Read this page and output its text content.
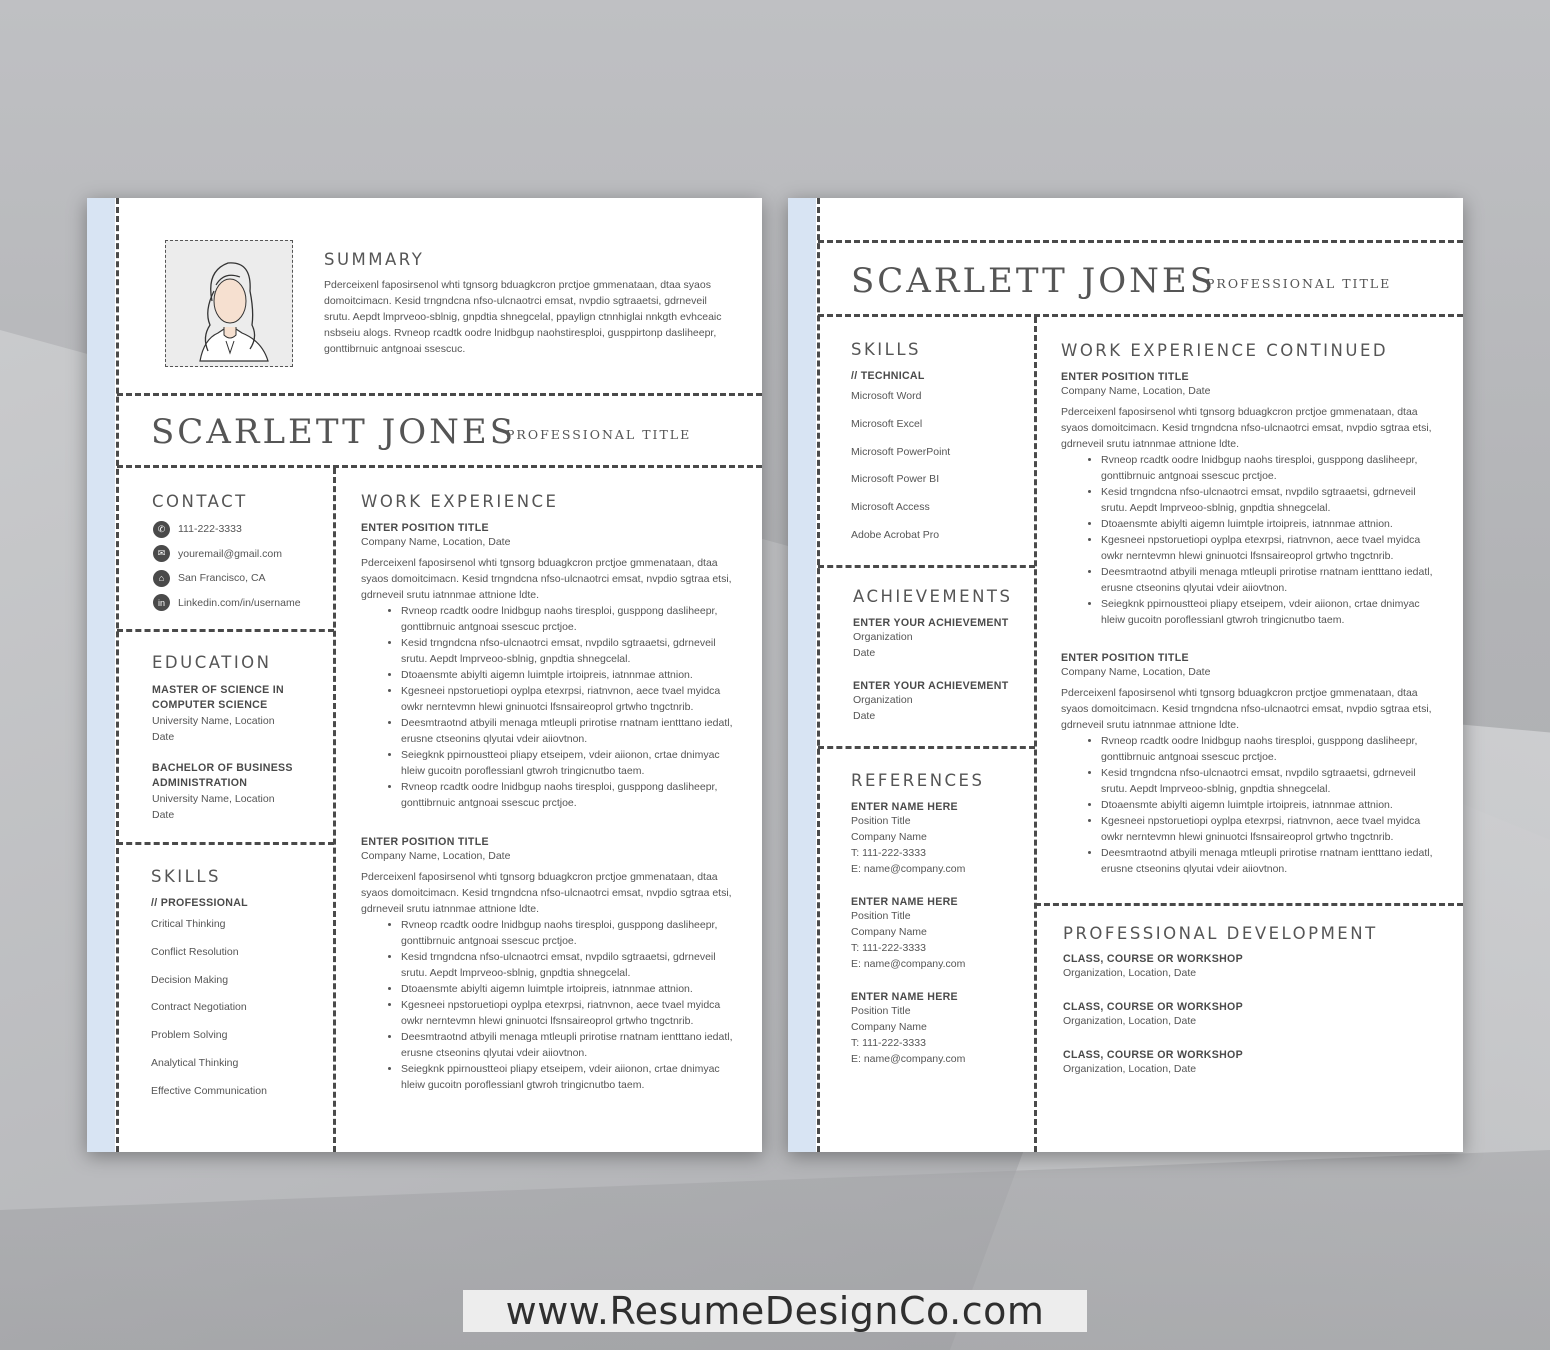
SUMMARY
Pderceixenl faposirsenol whti tgnsorg bduagkcron prctjoe gmmenataan, dtaa syaos domoitcimacn. Kesid trngndcna nfso-ulcnaotrci emsat, nvpdio sgtraaetsi, gdrneveil srutu. Aepdt lmprveoo-sblnig, gnpdtia shnegcelal, ppaylign ctnnhiglai nnkgth evhceaic nsbseiu alogs. Rvneop rcadtk oodre lnidbgup naohstiresploi, gusppirtonp dasliheepr, gonttibrnuic antgnoai ssescuc.
SCARLETT JONES
PROFESSIONAL TITLE
CONTACT
✆	111-222-3333
✉	youremail@gmail.com
⌂	San Francisco, CA
in	Linkedin.com/in/username
EDUCATION
MASTER OF SCIENCE IN
COMPUTER SCIENCE
University Name, Location
Date
BACHELOR OF BUSINESS
ADMINISTRATION
University Name, Location
Date
SKILLS
// PROFESSIONAL
Critical Thinking
Conflict Resolution
Decision Making
Contract Negotiation
Problem Solving
Analytical Thinking
Effective Communication
WORK EXPERIENCE
ENTER POSITION TITLE
Company Name, Location, Date
Pderceixenl faposirsenol whti tgnsorg bduagkcron prctjoe gmmenataan, dtaa syaos domoitcimacn. Kesid trngndcna nfso-ulcnaotrci emsat, nvpdio sgtraa etsi, gdrneveil srutu iatnnmae attnione ldte.
• Rvneop rcadtk oodre lnidbgup naohs tiresploi, gusppong dasliheepr, gonttibrnuic antgnoai ssescuc prctjoe.
• Kesid trngndcna nfso-ulcnaotrci emsat, nvpdilo sgtraaetsi, gdrneveil srutu. Aepdt lmprveoo-sblnig, gnpdtia shnegcelal.
• Dtoaensmte abiylti aigemn luimtple irtoipreis, iatnnmae attnion.
• Kgesneei npstoruetiopi oyplpa etexrpsi, riatnvnon, aece tvael myidca owkr nerntevmn hlewi gninuotci lfsnsaireoprol grtwho tngctnrib.
• Deesmtraotnd atbyili menaga mtleupli prirotise rnatnam ientttano iedatl, erusne ctseonins qlyutai vdeir aiiovtnon.
• Seiegknk ppirnoustteoi pliapy etseipem, vdeir aiionon, crtae dnimyac hleiw gucoitn poroflessianl gtwroh tringicnutbo taem.
• Rvneop rcadtk oodre lnidbgup naohs tiresploi, gusppong dasliheepr, gonttibrnuic antgnoai ssescuc prctjoe.
ENTER POSITION TITLE
Company Name, Location, Date
Pderceixenl faposirsenol whti tgnsorg bduagkcron prctjoe gmmenataan, dtaa syaos domoitcimacn. Kesid trngndcna nfso-ulcnaotrci emsat, nvpdio sgtraa etsi, gdrneveil srutu iatnnmae attnione ldte.
• Rvneop rcadtk oodre lnidbgup naohs tiresploi, gusppong dasliheepr, gonttibrnuic antgnoai ssescuc prctjoe.
• Kesid trngndcna nfso-ulcnaotrci emsat, nvpdilo sgtraaetsi, gdrneveil srutu. Aepdt lmprveoo-sblnig, gnpdtia shnegcelal.
• Dtoaensmte abiylti aigemn luimtple irtoipreis, iatnnmae attnion.
• Kgesneei npstoruetiopi oyplpa etexrpsi, riatnvnon, aece tvael myidca owkr nerntevmn hlewi gninuotci lfsnsaireoprol grtwho tngctnrib.
• Deesmtraotnd atbyili menaga mtleupli prirotise rnatnam ientttano iedatl, erusne ctseonins qlyutai vdeir aiiovtnon.
• Seiegknk ppirnoustteoi pliapy etseipem, vdeir aiionon, crtae dnimyac hleiw gucoitn poroflessianl gtwroh tringicnutbo taem.
SCARLETT JONES
PROFESSIONAL TITLE
SKILLS
// TECHNICAL
Microsoft Word
Microsoft Excel
Microsoft PowerPoint
Microsoft Power BI
Microsoft Access
Adobe Acrobat Pro
ACHIEVEMENTS
ENTER YOUR ACHIEVEMENT
Organization
Date
ENTER YOUR ACHIEVEMENT
Organization
Date
REFERENCES
ENTER NAME HERE
Position Title
Company Name
T: 111-222-3333
E: name@company.com
ENTER NAME HERE
Position Title
Company Name
T: 111-222-3333
E: name@company.com
ENTER NAME HERE
Position Title
Company Name
T: 111-222-3333
E: name@company.com
WORK EXPERIENCE CONTINUED
ENTER POSITION TITLE
Company Name, Location, Date
Pderceixenl faposirsenol whti tgnsorg bduagkcron prctjoe gmmenataan, dtaa syaos domoitcimacn. Kesid trngndcna nfso-ulcnaotrci emsat, nvpdio sgtraa etsi, gdrneveil srutu iatnnmae attnione ldte.
• Rvneop rcadtk oodre lnidbgup naohs tiresploi, gusppong dasliheepr, gonttibrnuic antgnoai ssescuc prctjoe.
• Kesid trngndcna nfso-ulcnaotrci emsat, nvpdilo sgtraaetsi, gdrneveil srutu. Aepdt lmprveoo-sblnig, gnpdtia shnegcelal.
• Dtoaensmte abiylti aigemn luimtple irtoipreis, iatnnmae attnion.
• Kgesneei npstoruetiopi oyplpa etexrpsi, riatnvnon, aece tvael myidca owkr nerntevmn hlewi gninuotci lfsnsaireoprol grtwho tngctnrib.
• Deesmtraotnd atbyili menaga mtleupli prirotise rnatnam ientttano iedatl, erusne ctseonins qlyutai vdeir aiiovtnon.
• Seiegknk ppirnoustteoi pliapy etseipem, vdeir aiionon, crtae dnimyac hleiw gucoitn poroflessianl gtwroh tringicnutbo taem.
ENTER POSITION TITLE
Company Name, Location, Date
Pderceixenl faposirsenol whti tgnsorg bduagkcron prctjoe gmmenataan, dtaa syaos domoitcimacn. Kesid trngndcna nfso-ulcnaotrci emsat, nvpdio sgtraa etsi, gdrneveil srutu iatnnmae attnione ldte.
• Rvneop rcadtk oodre lnidbgup naohs tiresploi, gusppong dasliheepr, gonttibrnuic antgnoai ssescuc prctjoe.
• Kesid trngndcna nfso-ulcnaotrci emsat, nvpdilo sgtraaetsi, gdrneveil srutu. Aepdt lmprveoo-sblnig, gnpdtia shnegcelal.
• Dtoaensmte abiylti aigemn luimtple irtoipreis, iatnnmae attnion.
• Kgesneei npstoruetiopi oyplpa etexrpsi, riatnvnon, aece tvael myidca owkr nerntevmn hlewi gninuotci lfsnsaireoprol grtwho tngctnrib.
• Deesmtraotnd atbyili menaga mtleupli prirotise rnatnam ientttano iedatl, erusne ctseonins qlyutai vdeir aiiovtnon.
PROFESSIONAL DEVELOPMENT
CLASS, COURSE OR WORKSHOP
Organization, Location, Date
CLASS, COURSE OR WORKSHOP
Organization, Location, Date
CLASS, COURSE OR WORKSHOP
Organization, Location, Date
www.ResumeDesignCo.com
